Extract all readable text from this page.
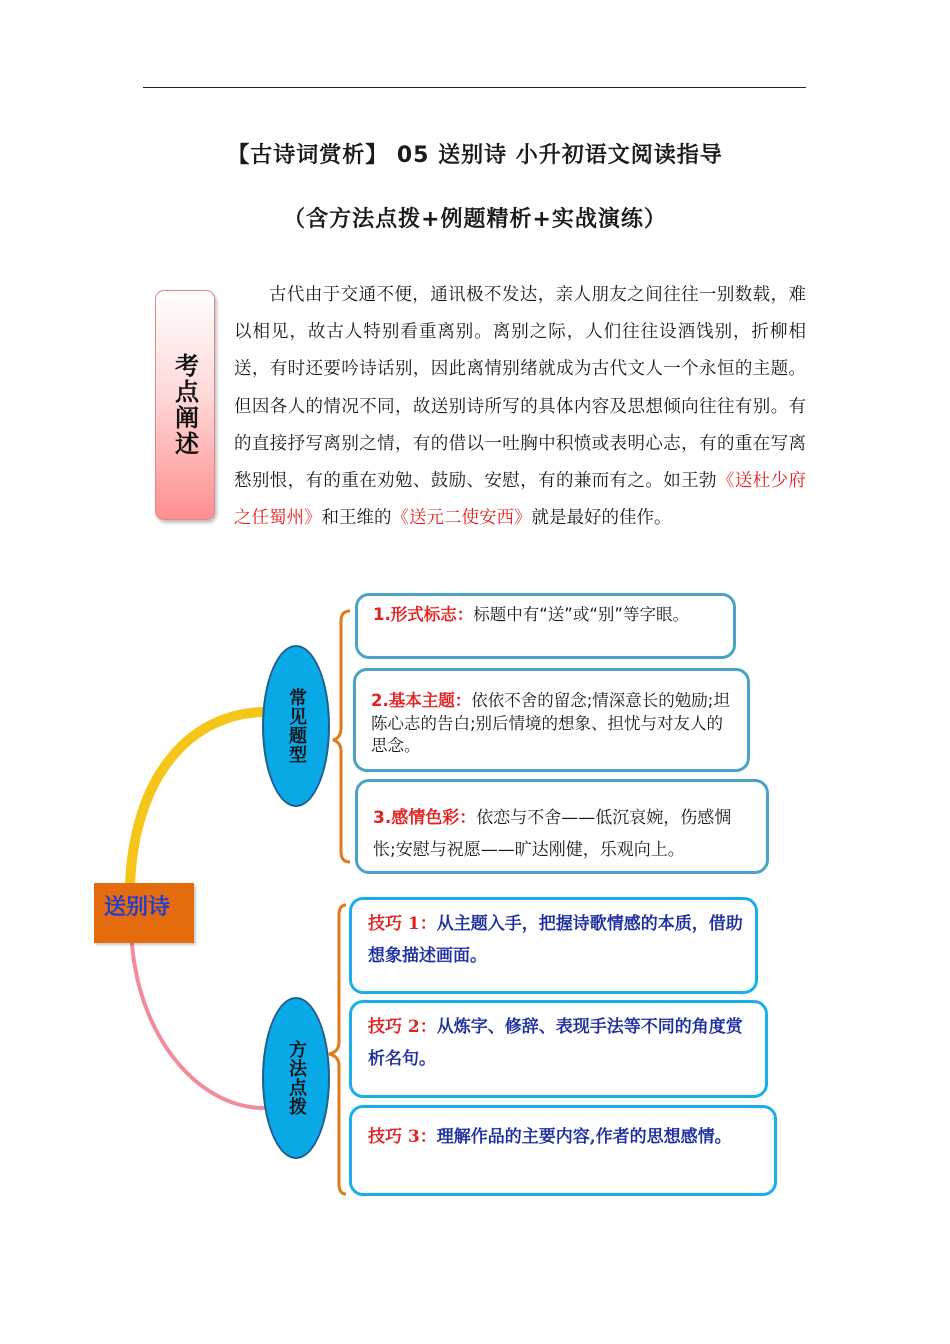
【古诗词赏析】 05 送别诗 小升初语文阅读指导
（含方法点拨+例题精析+实战演练）
考点阐述

古代由于交通不便，通讯极不发达，亲人朋友之间往往一别数载，难以相见，故古人特别看重离别。离别之际，人们往往设酒饯别，折柳相送，有时还要吟诗话别，因此离情别绪就成为古代文人一个永恒的主题。但因各人的情况不同，故送别诗所写的具体内容及思想倾向往往有别。有的直接抒写离别之情，有的借以一吐胸中积愤或表明心志，有的重在写离愁别恨，有的重在劝勉、鼓励、安慰，有的兼而有之。如王勃《送杜少府之任蜀州》和王维的《送元二使安西》就是最好的佳作。

送别诗
常见题型
方法点拨
1.形式标志：标题中有“送”或“别”等字眼。
2.基本主题：依依不舍的留念;情深意长的勉励;坦陈心志的告白;别后情境的想象、担忧与对友人的思念。
3.感情色彩：依恋与不舍——低沉哀婉，伤感惆怅;安慰与祝愿——旷达刚健，乐观向上。
技巧 1：从主题入手，把握诗歌情感的本质，借助想象描述画面。
技巧 2：从炼字、修辞、表现手法等不同的角度赏析名句。
技巧 3：理解作品的主要内容,作者的思想感情。
